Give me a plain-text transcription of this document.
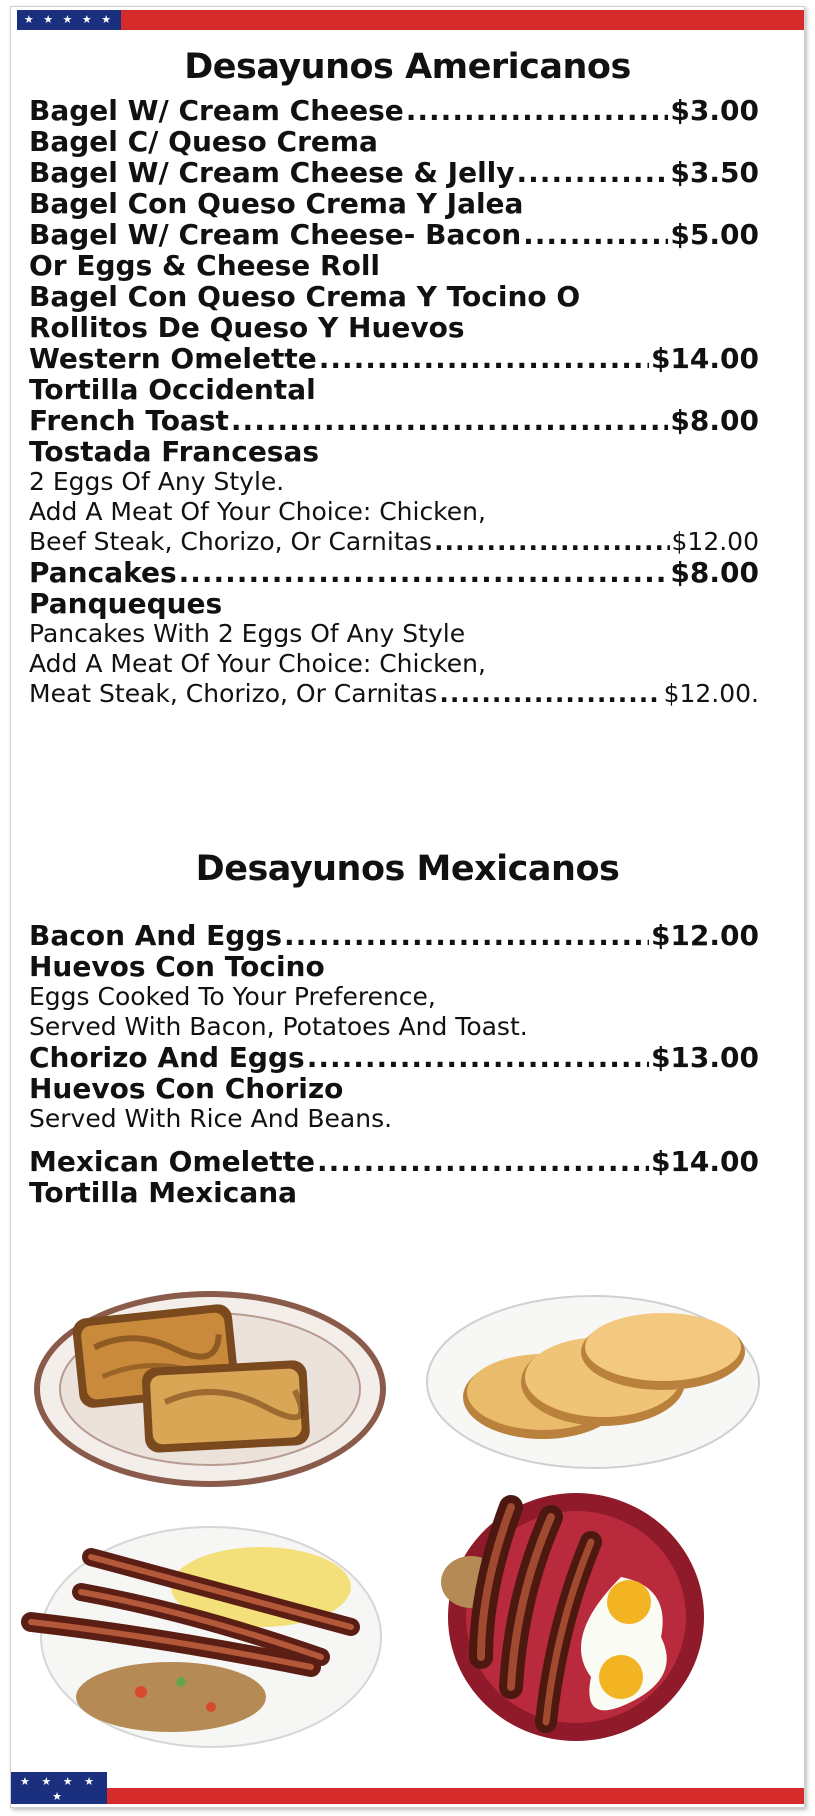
★ ★ ★ ★ ★
Desayunos Americanos
Bagel W/ Cream Cheese .....	$3.00
Bagel C/ Queso Crema
Bagel W/ Cream Cheese & Jelly .....	$3.50
Bagel Con Queso Crema Y Jalea
Bagel W/ Cream Cheese- Bacon .....	$5.00
Or Eggs & Cheese Roll
Bagel Con Queso Crema Y Tocino O
Rollitos De Queso Y Huevos
Western Omelette .....	$14.00
Tortilla Occidental
French Toast .....	$8.00
Tostada Francesas
2 Eggs Of Any Style.
Add A Meat Of Your Choice: Chicken,
Beef Steak, Chorizo, Or Carnitas .....	$12.00
Pancakes .....	$8.00
Panqueques
Pancakes With 2 Eggs Of Any Style
Add A Meat Of Your Choice: Chicken,
Meat Steak, Chorizo, Or Carnitas .....	$12.00.
Desayunos Mexicanos
Bacon And Eggs .....	$12.00
Huevos Con Tocino
Eggs Cooked To Your Preference,
Served With Bacon, Potatoes And Toast.
Chorizo And Eggs .....	$13.00
Huevos Con Chorizo
Served With Rice And Beans.
Mexican Omelette .....	$14.00
Tortilla Mexicana
★ ★ ★ ★ ★
